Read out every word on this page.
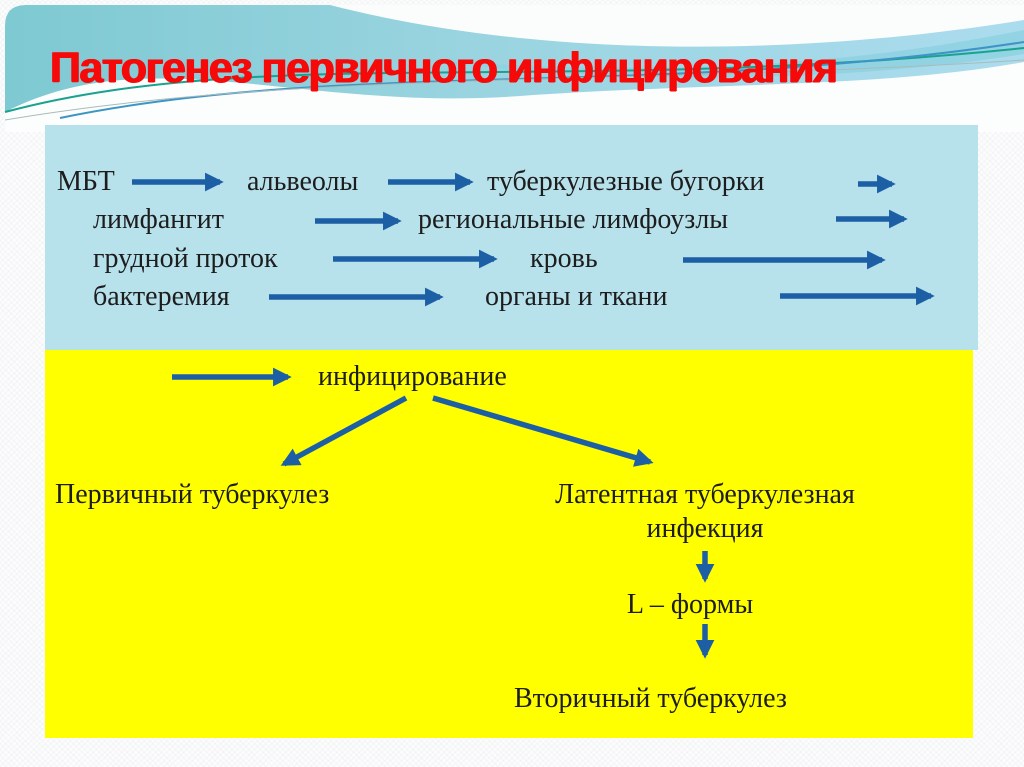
Патогенез первичного инфицирования
МБТ	альвеолы	туберкулезные бугорки
лимфангит	региональные лимфоузлы
грудной проток	кровь
бактеремия	органы и ткани
инфицирование
Первичный туберкулез	Латентная туберкулезная
инфекция
L – формы
Вторичный туберкулез
